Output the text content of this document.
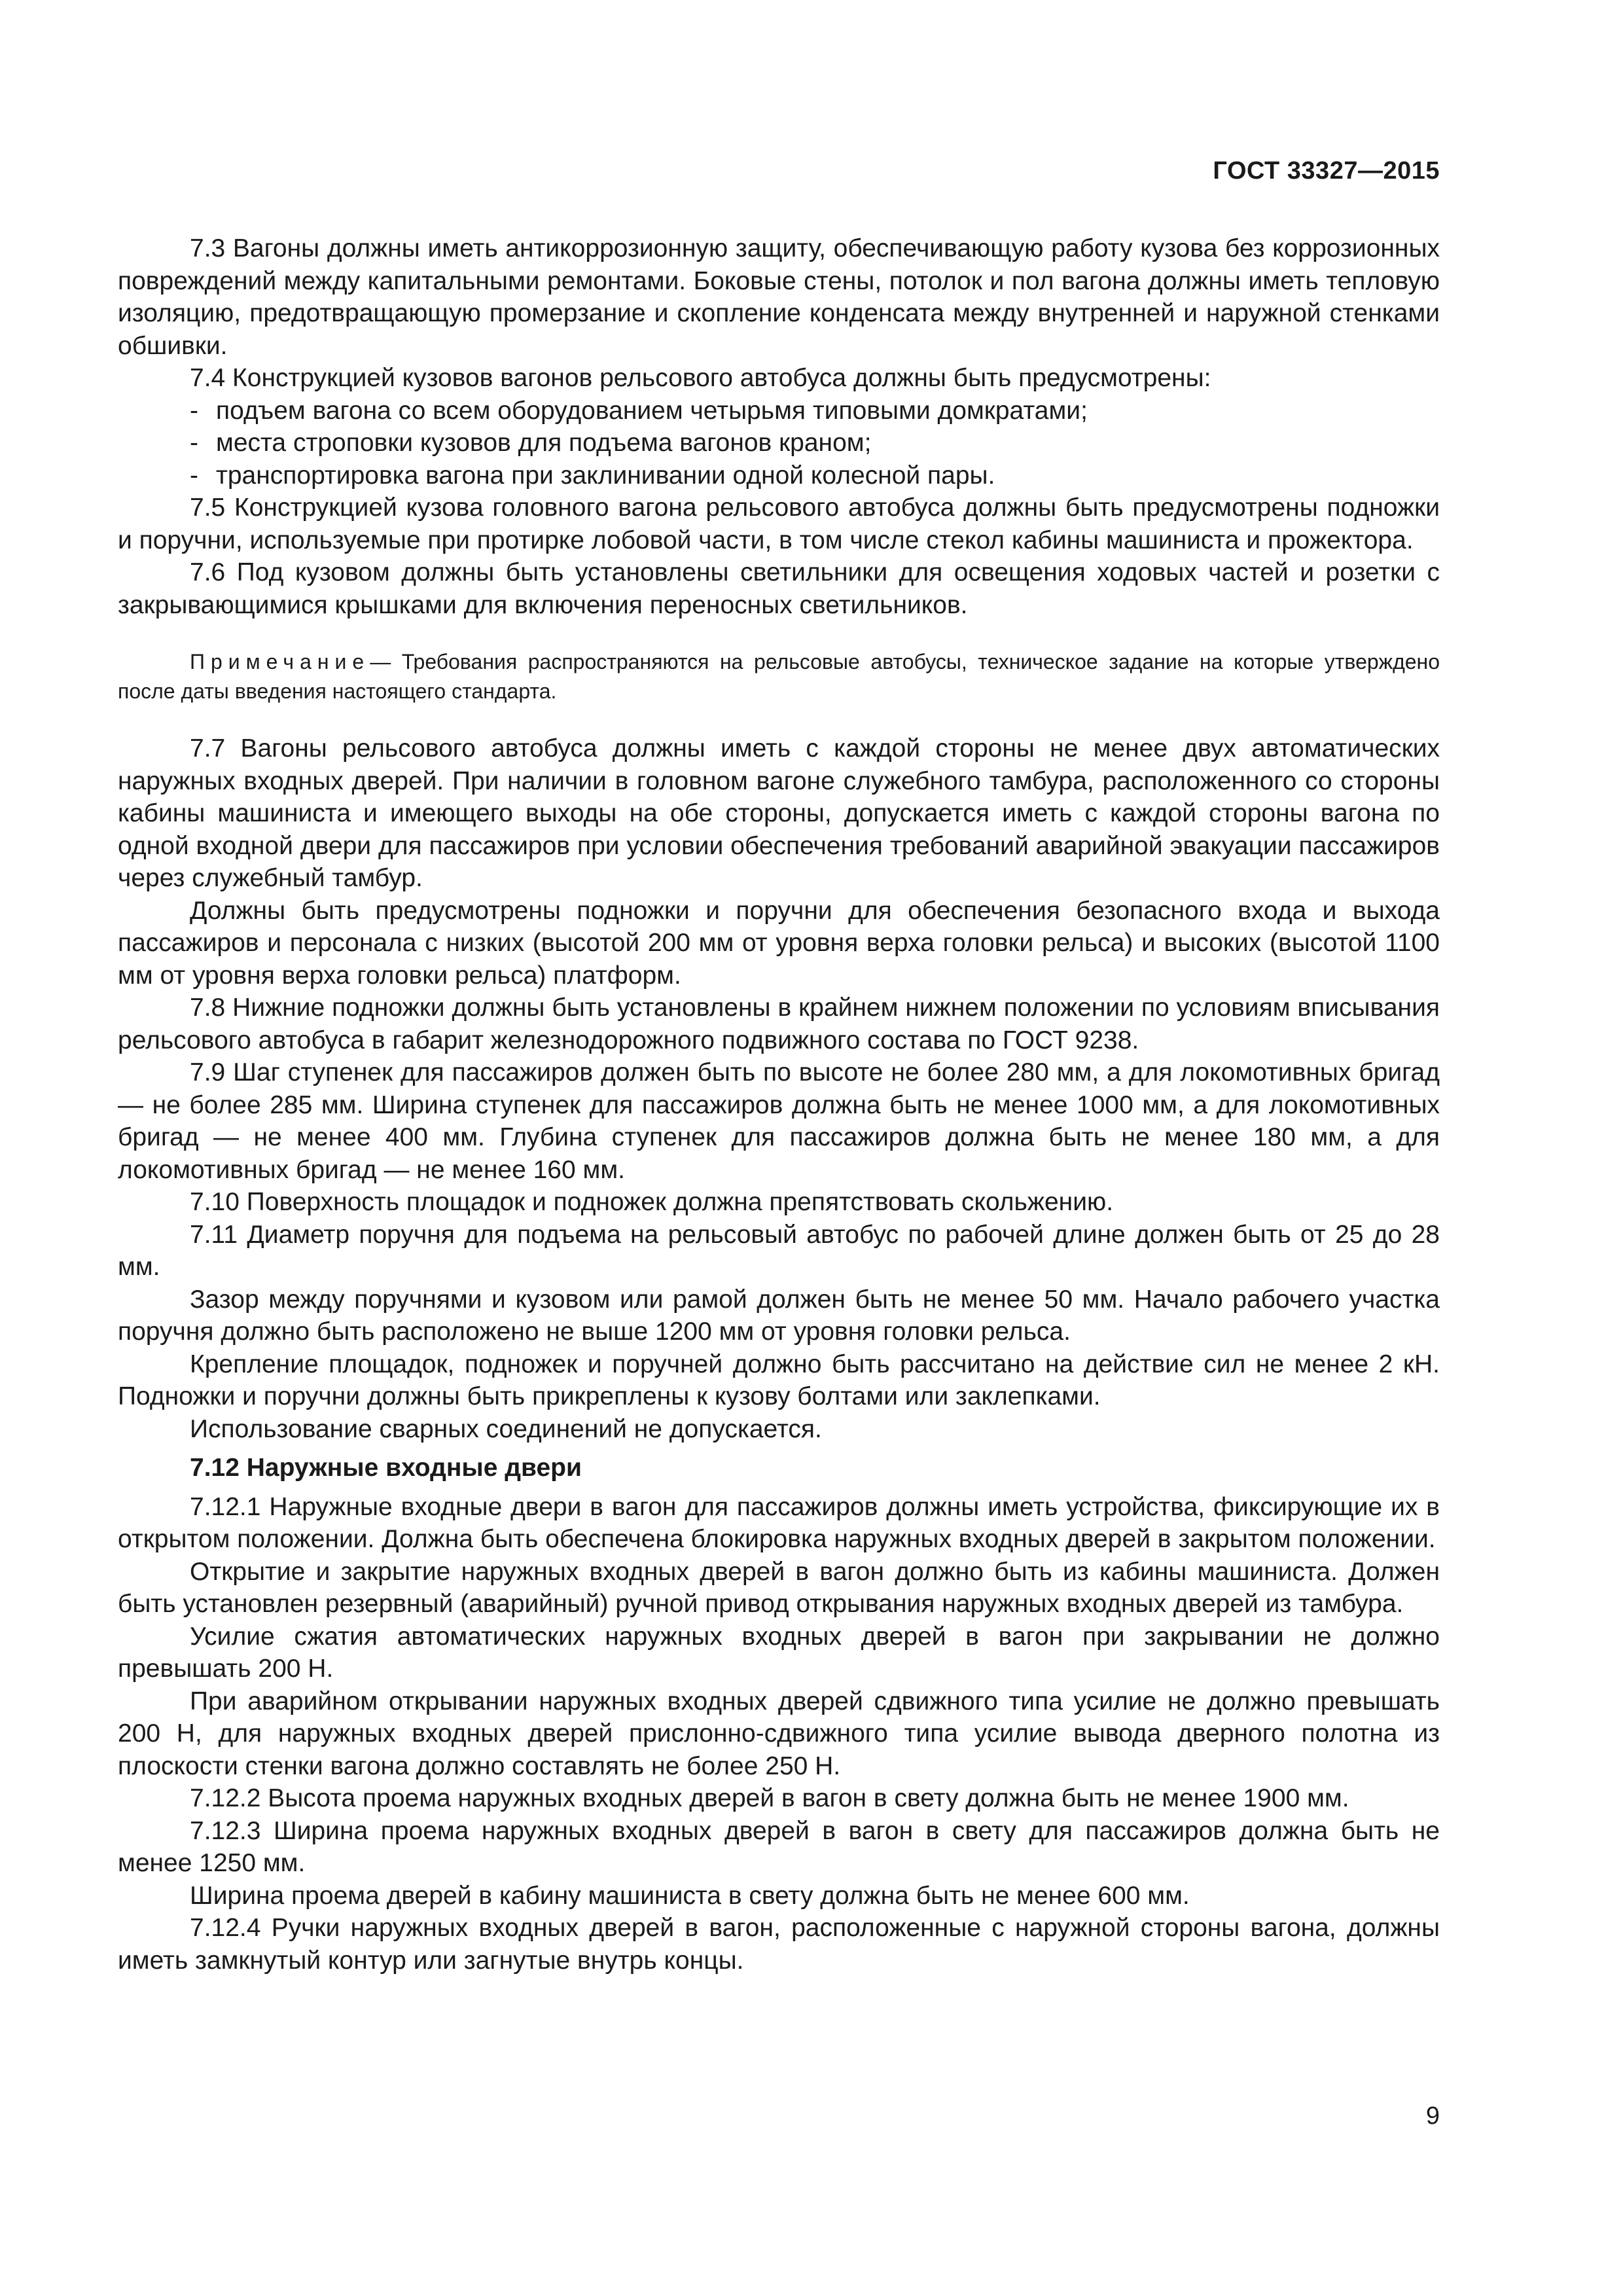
ГОСТ 33327—2015

7.3 Вагоны должны иметь антикоррозионную защиту, обеспечивающую работу кузова без коррозионных повреждений между капитальными ремонтами. Боковые стены, потолок и пол вагона должны иметь тепловую изоляцию, предотвращающую промерзание и скопление конденсата между внутренней и наружной стенками обшивки.

7.4 Конструкцией кузовов вагонов рельсового автобуса должны быть предусмотрены:

- подъем вагона со всем оборудованием четырьмя типовыми домкратами;

- места строповки кузовов для подъема вагонов краном;

- транспортировка вагона при заклинивании одной колесной пары.

7.5 Конструкцией кузова головного вагона рельсового автобуса должны быть предусмотрены подножки и поручни, используемые при протирке лобовой части, в том числе стекол кабины машиниста и прожектора.

7.6 Под кузовом должны быть установлены светильники для освещения ходовых частей и розетки с закрывающимися крышками для включения переносных светильников.

Примечание— Требования распространяются на рельсовые автобусы, техническое задание на которые утверждено после даты введения настоящего стандарта.

7.7 Вагоны рельсового автобуса должны иметь с каждой стороны не менее двух автоматических наружных входных дверей. При наличии в головном вагоне служебного тамбура, расположенного со стороны кабины машиниста и имеющего выходы на обе стороны, допускается иметь с каждой стороны вагона по одной входной двери для пассажиров при условии обеспечения требований аварийной эвакуации пассажиров через служебный тамбур.

Должны быть предусмотрены подножки и поручни для обеспечения безопасного входа и выхода пассажиров и персонала с низких (высотой 200 мм от уровня верха головки рельса) и высоких (высотой 1100 мм от уровня верха головки рельса) платформ.

7.8 Нижние подножки должны быть установлены в крайнем нижнем положении по условиям вписывания рельсового автобуса в габарит железнодорожного подвижного состава по ГОСТ 9238.

7.9 Шаг ступенек для пассажиров должен быть по высоте не более 280 мм, а для локомотивных бригад — не более 285 мм. Ширина ступенек для пассажиров должна быть не менее 1000 мм, а для локомотивных бригад — не менее 400 мм. Глубина ступенек для пассажиров должна быть не менее 180 мм, а для локомотивных бригад — не менее 160 мм.

7.10 Поверхность площадок и подножек должна препятствовать скольжению.

7.11 Диаметр поручня для подъема на рельсовый автобус по рабочей длине должен быть от 25 до 28 мм.

Зазор между поручнями и кузовом или рамой должен быть не менее 50 мм. Начало рабочего участка поручня должно быть расположено не выше 1200 мм от уровня головки рельса.

Крепление площадок, подножек и поручней должно быть рассчитано на действие сил не менее 2 кН. Подножки и поручни должны быть прикреплены к кузову болтами или заклепками.

Использование сварных соединений не допускается.

7.12 Наружные входные двери

7.12.1 Наружные входные двери в вагон для пассажиров должны иметь устройства, фиксирующие их в открытом положении. Должна быть обеспечена блокировка наружных входных дверей в закрытом положении.

Открытие и закрытие наружных входных дверей в вагон должно быть из кабины машиниста. Должен быть установлен резервный (аварийный) ручной привод открывания наружных входных дверей из тамбура.

Усилие сжатия автоматических наружных входных дверей в вагон при закрывании не должно превышать 200 Н.

При аварийном открывании наружных входных дверей сдвижного типа усилие не должно превышать 200 Н, для наружных входных дверей прислонно-сдвижного типа усилие вывода дверного полотна из плоскости стенки вагона должно составлять не более 250 Н.

7.12.2 Высота проема наружных входных дверей в вагон в свету должна быть не менее 1900 мм.

7.12.3 Ширина проема наружных входных дверей в вагон в свету для пассажиров должна быть не менее 1250 мм.

Ширина проема дверей в кабину машиниста в свету должна быть не менее 600 мм.

7.12.4 Ручки наружных входных дверей в вагон, расположенные с наружной стороны вагона, должны иметь замкнутый контур или загнутые внутрь концы.

9
